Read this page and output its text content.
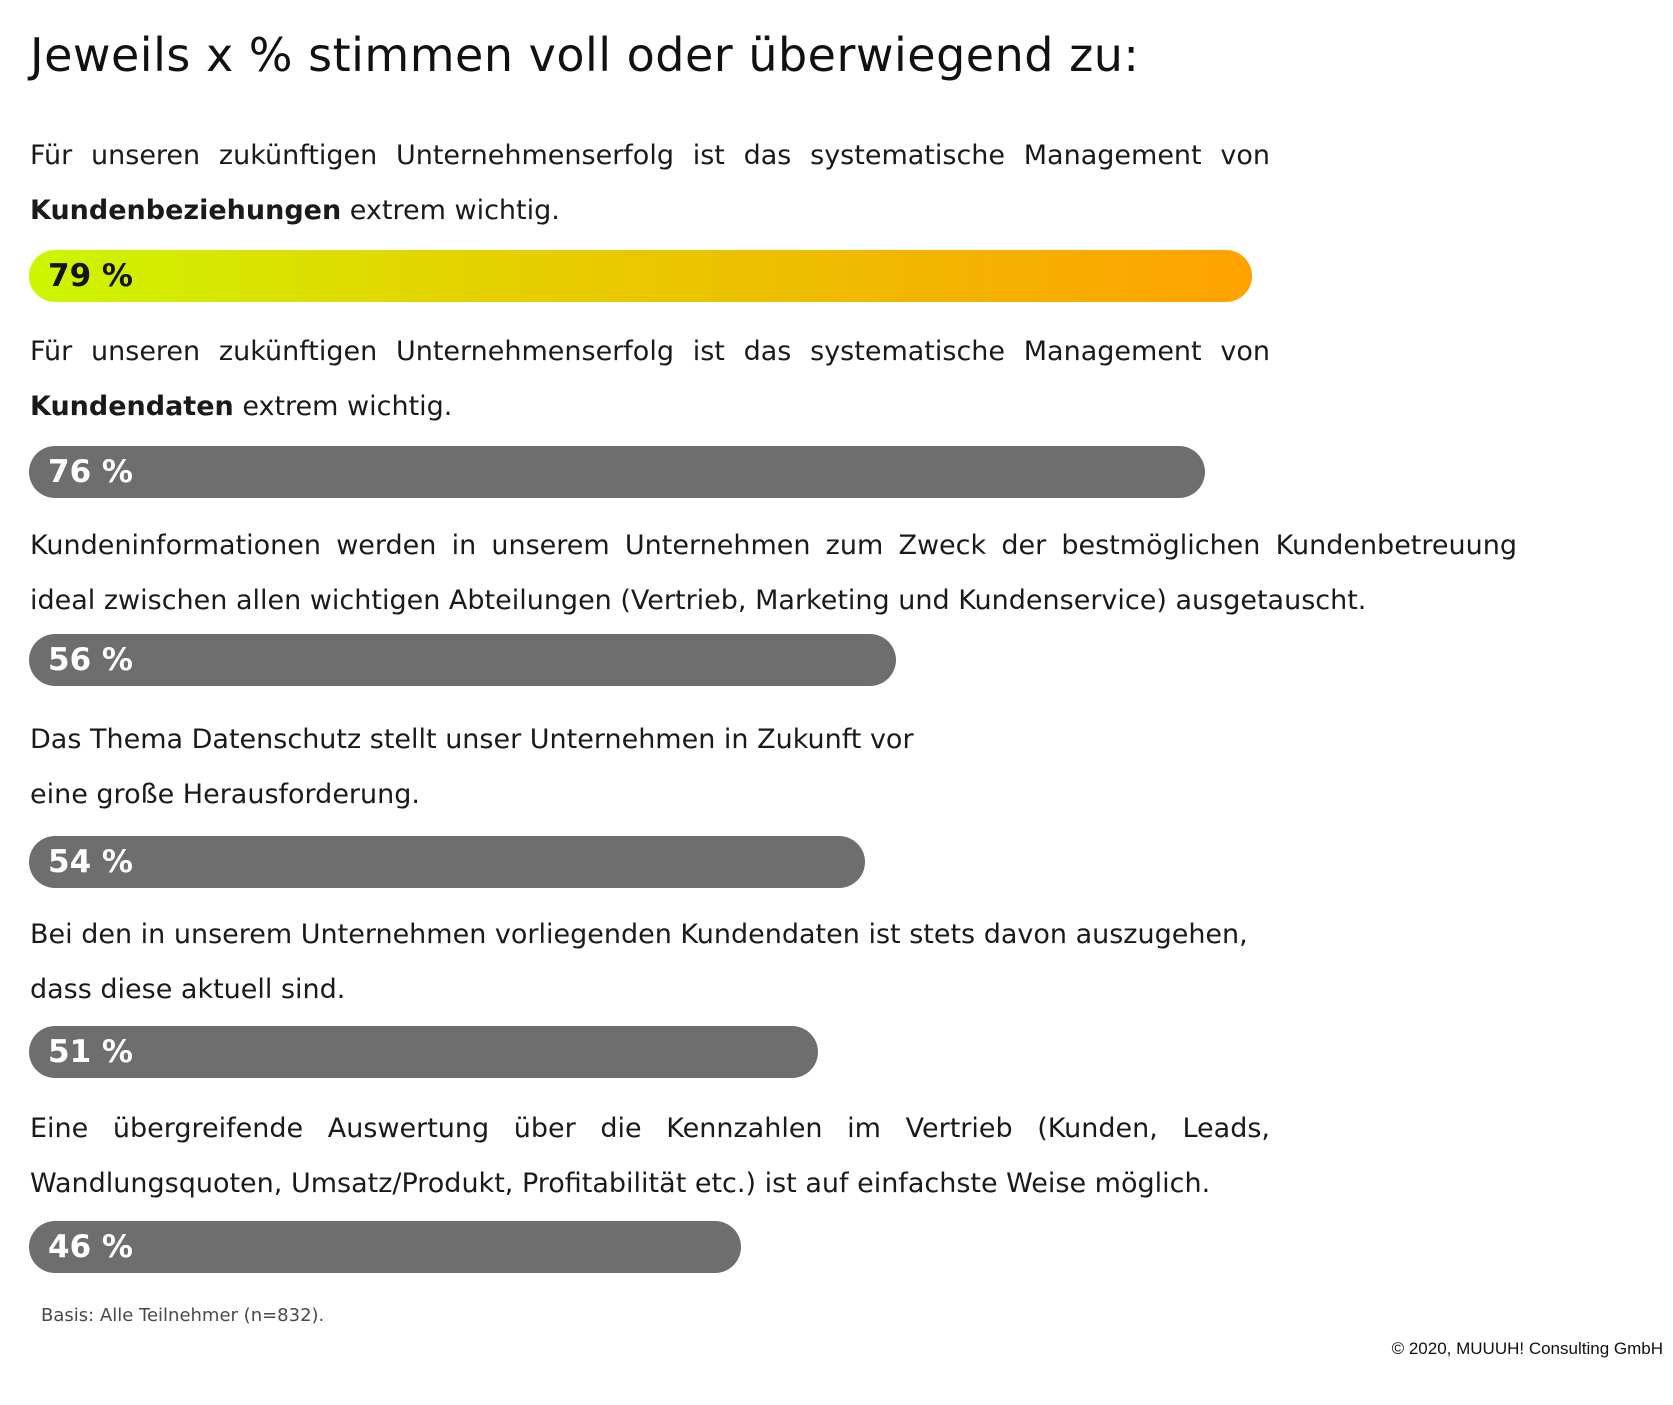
Jeweils x % stimmen voll oder überwiegend zu:
Für unseren zukünftigen Unternehmenserfolg ist das systematische Management von
Kundenbeziehungen extrem wichtig.
79 %
Für unseren zukünftigen Unternehmenserfolg ist das systematische Management von
Kundendaten extrem wichtig.
76 %
Kundeninformationen werden in unserem Unternehmen zum Zweck der bestmöglichen Kundenbetreuung
ideal zwischen allen wichtigen Abteilungen (Vertrieb, Marketing und Kundenservice) ausgetauscht.
56 %
Das Thema Datenschutz stellt unser Unternehmen in Zukunft vor
eine große Herausforderung.
54 %
Bei den in unserem Unternehmen vorliegenden Kundendaten ist stets davon auszugehen,
dass diese aktuell sind.
51 %
Eine übergreifende Auswertung über die Kennzahlen im Vertrieb (Kunden, Leads,
Wandlungsquoten, Umsatz/Produkt, Profitabilität etc.) ist auf einfachste Weise möglich.
46 %
Basis: Alle Teilnehmer (n=832).
© 2020, MUUUH! Consulting GmbH
